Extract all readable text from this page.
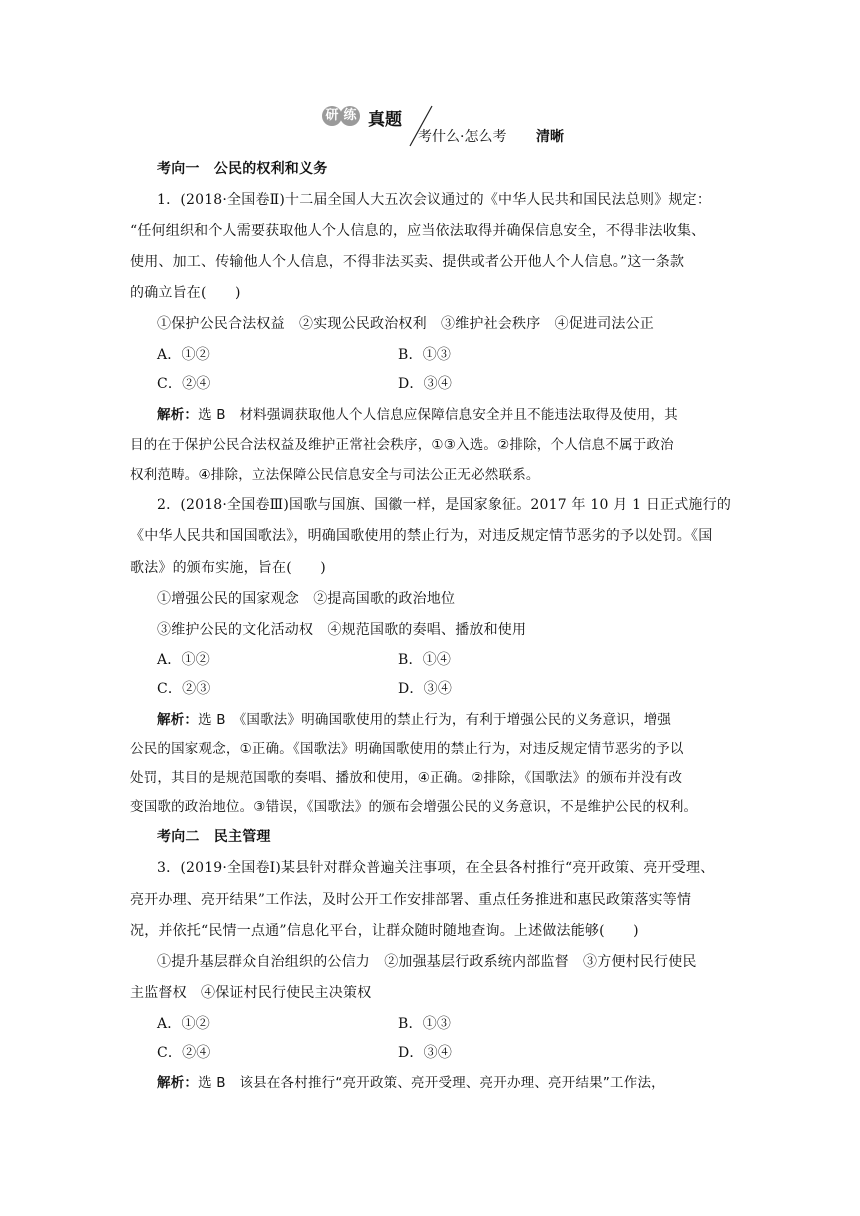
研 练 真题
考什么·怎么考 清晰
考向一　公民的权利和义务
1．(2018·全国卷Ⅱ)十二届全国人大五次会议通过的《中华人民共和国民法总则》规定：
“任何组织和个人需要获取他人个人信息的，应当依法取得并确保信息安全，不得非法收集、
使用、加工、传输他人个人信息，不得非法买卖、提供或者公开他人个人信息。”这一条款
的确立旨在(　　)
①保护公民合法权益　②实现公民政治权利　③维护社会秩序　④促进司法公正
A．①②	B．①③
C．②④	D．③④
解析：选 B　材料强调获取他人个人信息应保障信息安全并且不能违法取得及使用，其
目的在于保护公民合法权益及维护正常社会秩序，①③入选。②排除，个人信息不属于政治
权利范畴。④排除，立法保障公民信息安全与司法公正无必然联系。
2．(2018·全国卷Ⅲ)国歌与国旗、国徽一样，是国家象征。2017 年 10 月 1 日正式施行的
《中华人民共和国国歌法》，明确国歌使用的禁止行为，对违反规定情节恶劣的予以处罚。《国
歌法》的颁布实施，旨在(　　)
①增强公民的国家观念　②提高国歌的政治地位
③维护公民的文化活动权　④规范国歌的奏唱、播放和使用
A．①②	B．①④
C．②③	D．③④
解析：选 B　《国歌法》明确国歌使用的禁止行为，有利于增强公民的义务意识，增强
公民的国家观念，①正确。《国歌法》明确国歌使用的禁止行为，对违反规定情节恶劣的予以
处罚，其目的是规范国歌的奏唱、播放和使用，④正确。②排除，《国歌法》的颁布并没有改
变国歌的政治地位。③错误，《国歌法》的颁布会增强公民的义务意识，不是维护公民的权利。
考向二　民主管理
3．(2019·全国卷Ⅰ)某县针对群众普遍关注事项，在全县各村推行“亮开政策、亮开受理、
亮开办理、亮开结果”工作法，及时公开工作安排部署、重点任务推进和惠民政策落实等情
况，并依托“民情一点通”信息化平台，让群众随时随地查询。上述做法能够(　　)
①提升基层群众自治组织的公信力　②加强基层行政系统内部监督　③方便村民行使民
主监督权　④保证村民行使民主决策权
A．①②	B．①③
C．②④	D．③④
解析：选 B　该县在各村推行“亮开政策、亮开受理、亮开办理、亮开结果”工作法，
